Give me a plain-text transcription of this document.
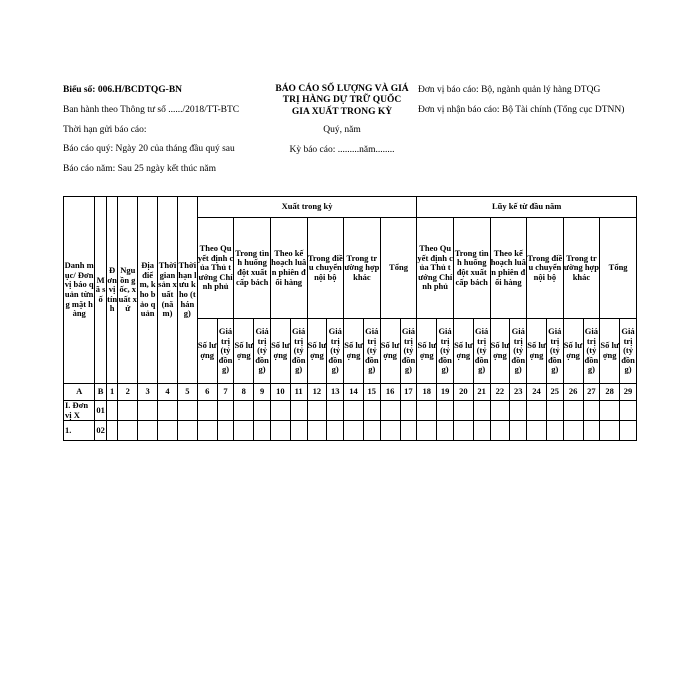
Biểu số: 006.H/BCDTQG-BN

Ban hành theo Thông tư số ....../2018/TT-BTC

Thời hạn gửi báo cáo:

Báo cáo quý: Ngày 20 của tháng đầu quý sau

Báo cáo năm: Sau 25 ngày kết thúc năm

BÁO CÁO SỐ LƯỢNG VÀ GIÁ TRỊ HÀNG DỰ TRỮ QUỐC GIA XUẤT TRONG KỲ

Quý, năm

Kỳ báo cáo: .........năm........

Đơn vị báo cáo: Bộ, ngành quản lý hàng DTQG

Đơn vị nhận báo cáo: Bộ Tài chính (Tổng cục DTNN)

Danh mục/ Đơn vị báo quản từng mặt hàng	Mã số	Đơn vị tính	Nguồn gốc, xuất xứ	Địa điểm, kho bảo quản	Thời gian sản xuất (năm)	Thời hạn lưu kho (tháng)	Xuất trong kỳ												Lũy kế từ đầu năm											
							Theo Quyết định của Thủ tướng Chính phủ		Trong tình huống đột xuất cấp bách		Theo kế hoạch luân phiên đổi hàng		Trong điều chuyển nội bộ		Trong trường hợp khác		Tổng		Theo Quyết định của Thủ tướng Chính phủ		Trong tình huống đột xuất cấp bách		Theo kế hoạch luân phiên đổi hàng		Trong điều chuyển nội bộ		Trong trường hợp khác		Tổng	
							Số lượng	Giá trị (tỷ đồng)	Số lượng	Giá trị (tỷ đồng)	Số lượng	Giá trị (tỷ đồng)	Số lượng	Giá trị (tỷ đồng)	Số lượng	Giá trị (tỷ đồng)	Số lượng	Giá trị (tỷ đồng)	Số lượng	Giá trị (tỷ đồng)	Số lượng	Giá trị (tỷ đồng)	Số lượng	Giá trị (tỷ đồng)	Số lượng	Giá trị (tỷ đồng)	Số lượng	Giá trị (tỷ đồng)	Số lượng	Giá trị (tỷ đồng)
A	B	1	2	3	4	5	6	7	8	9	10	11	12	13	14	15	16	17	18	19	20	21	22	23	24	25	26	27	28	29
I. Đơn vị X	01																													
1.	02																													
